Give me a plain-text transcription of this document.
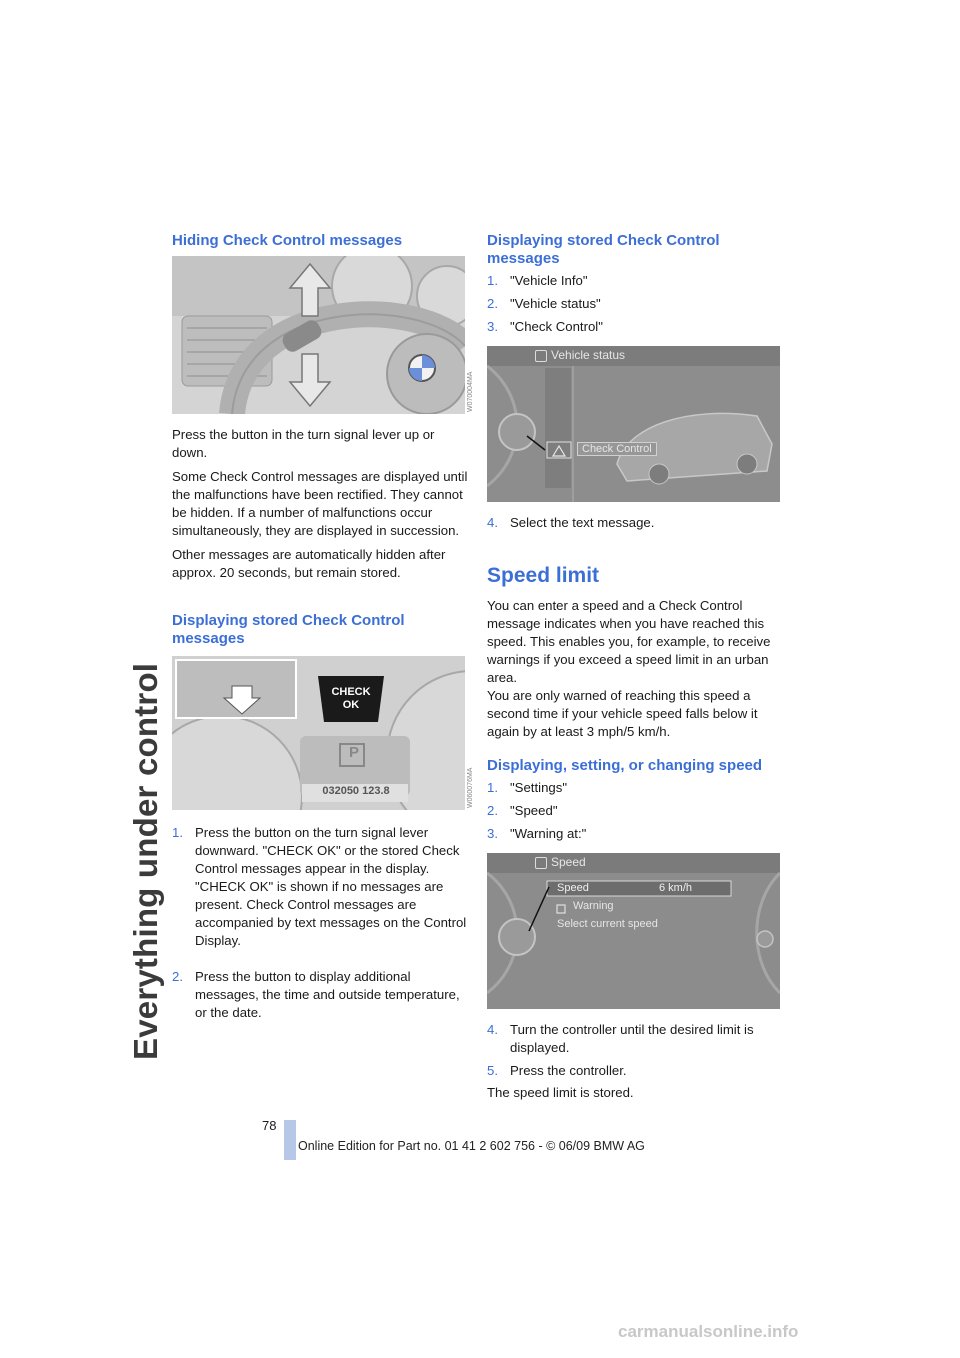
Everything under control
Hiding Check Control messages
W070004MA

Press the button in the turn signal lever up or down.

Some Check Control messages are displayed until the malfunctions have been rectified. They cannot be hidden. If a number of malfunctions occur simultaneously, they are displayed in succession.

Other messages are automatically hidden after approx. 20 seconds, but remain stored.

Displaying stored Check Control messages
CHECK
OK
P
032050 123.8	W060076MA
1. Press the button on the turn signal lever downward. "CHECK OK" or the stored Check Control messages appear in the display. "CHECK OK" is shown if no messages are present. Check Control messages are accompanied by text messages on the Control Display.
2. Press the button to display additional messages, the time and outside temperature, or the date.
Displaying stored Check Control messages
1. "Vehicle Info"
2. "Vehicle status"
3. "Check Control"
Vehicle status
Check Control
4. Select the text message.
Speed limit

You can enter a speed and a Check Control message indicates when you have reached this speed. This enables you, for example, to receive warnings if you exceed a speed limit in an urban area.

You are only warned of reaching this speed a second time if your vehicle speed falls below it again by at least 3 mph/5 km/h.

Displaying, setting, or changing speed
1. "Settings"
2. "Speed"
3. "Warning at:"
Speed
Speed	6 km/h
Warning
Select current speed
4. Turn the controller until the desired limit is displayed.
5. Press the controller.

The speed limit is stored.

78
Online Edition for Part no. 01 41 2 602 756 - © 06/09 BMW AG
carmanualsonline.info
